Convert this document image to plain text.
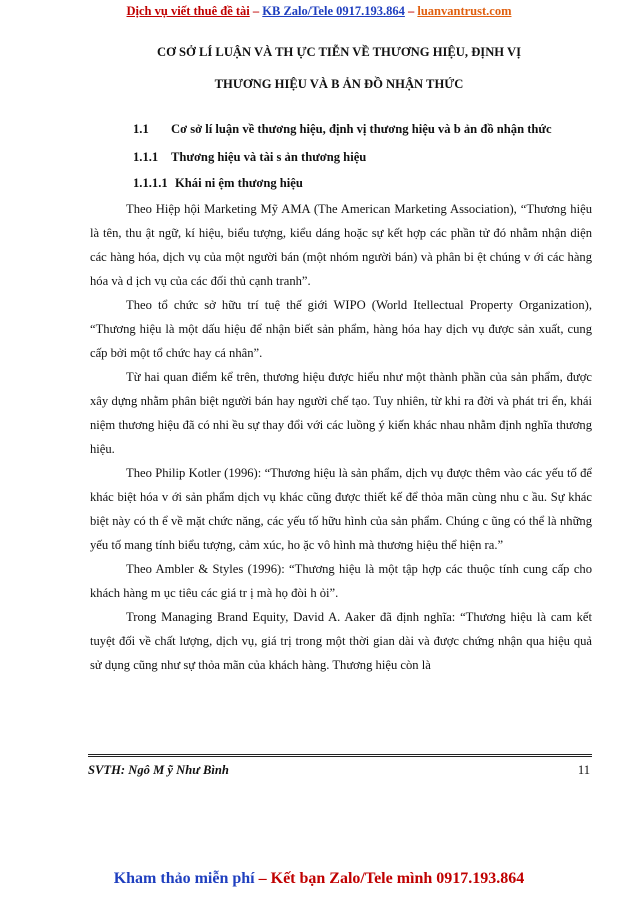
Dịch vụ viết thuê đề tài – KB Zalo/Tele 0917.193.864 – luanvantrust.com
CƠ SỞ LÍ LUẬN VÀ TH ỰC TIỄN VỀ THƯƠNG HIỆU, ĐỊNH VỊ
THƯƠNG HIỆU VÀ B ẢN ĐỒ NHẬN THỨC
1.1 Cơ sở lí luận về thương hiệu, định vị thương hiệu và b ản đồ nhận thức
1.1.1 Thương hiệu và tài s ản thương hiệu
1.1.1.1 Khái ni ệm thương hiệu

Theo Hiệp hội Marketing Mỹ AMA (The American Marketing Association), “Thương hiệu là tên, thu ật ngữ, kí hiệu, biểu tượng, kiểu dáng hoặc sự kết hợp các phần tử đó nhằm nhận diện các hàng hóa, dịch vụ của một người bán (một nhóm người bán) và phân bi ệt chúng v ới các hàng hóa và d ịch vụ của các đối thủ cạnh tranh”.

Theo tổ chức sở hữu trí tuệ thế giới WIPO (World Itellectual Property Organization), “Thương hiệu là một dấu hiệu để nhận biết sản phẩm, hàng hóa hay dịch vụ được sản xuất, cung cấp bởi một tổ chức hay cá nhân”.

Từ hai quan điểm kể trên, thương hiệu được hiểu như một thành phần của sản phẩm, được xây dựng nhằm phân biệt người bán hay người chế tạo. Tuy nhiên, từ khi ra đời và phát tri ển, khái niệm thương hiệu đã có nhi ều sự thay đổi với các luồng ý kiến khác nhau nhằm định nghĩa thương hiệu.

Theo Philip Kotler (1996): “Thương hiệu là sản phẩm, dịch vụ được thêm vào các yếu tố để khác biệt hóa v ới sản phẩm dịch vụ khác cũng được thiết kế để thỏa mãn cùng nhu c ầu. Sự khác biệt này có th ể về mặt chức năng, các yếu tố hữu hình của sản phẩm. Chúng c ũng có thể là những yếu tố mang tính biểu tượng, cảm xúc, ho ặc vô hình mà thương hiệu thể hiện ra.”

Theo Ambler & Styles (1996): “Thương hiệu là một tập hợp các thuộc tính cung cấp cho khách hàng m ục tiêu các giá tr ị mà họ đòi h ỏi”.

Trong Managing Brand Equity, David A. Aaker đã định nghĩa: “Thương hiệu là cam kết tuyệt đối về chất lượng, dịch vụ, giá trị trong một thời gian dài và được chứng nhận qua hiệu quả sử dụng cũng như sự thỏa mãn của khách hàng. Thương hiệu còn là

SVTH: Ngô M ỹ Như Bình	11
Kham thảo miễn phí – Kết bạn Zalo/Tele mình 0917.193.864
